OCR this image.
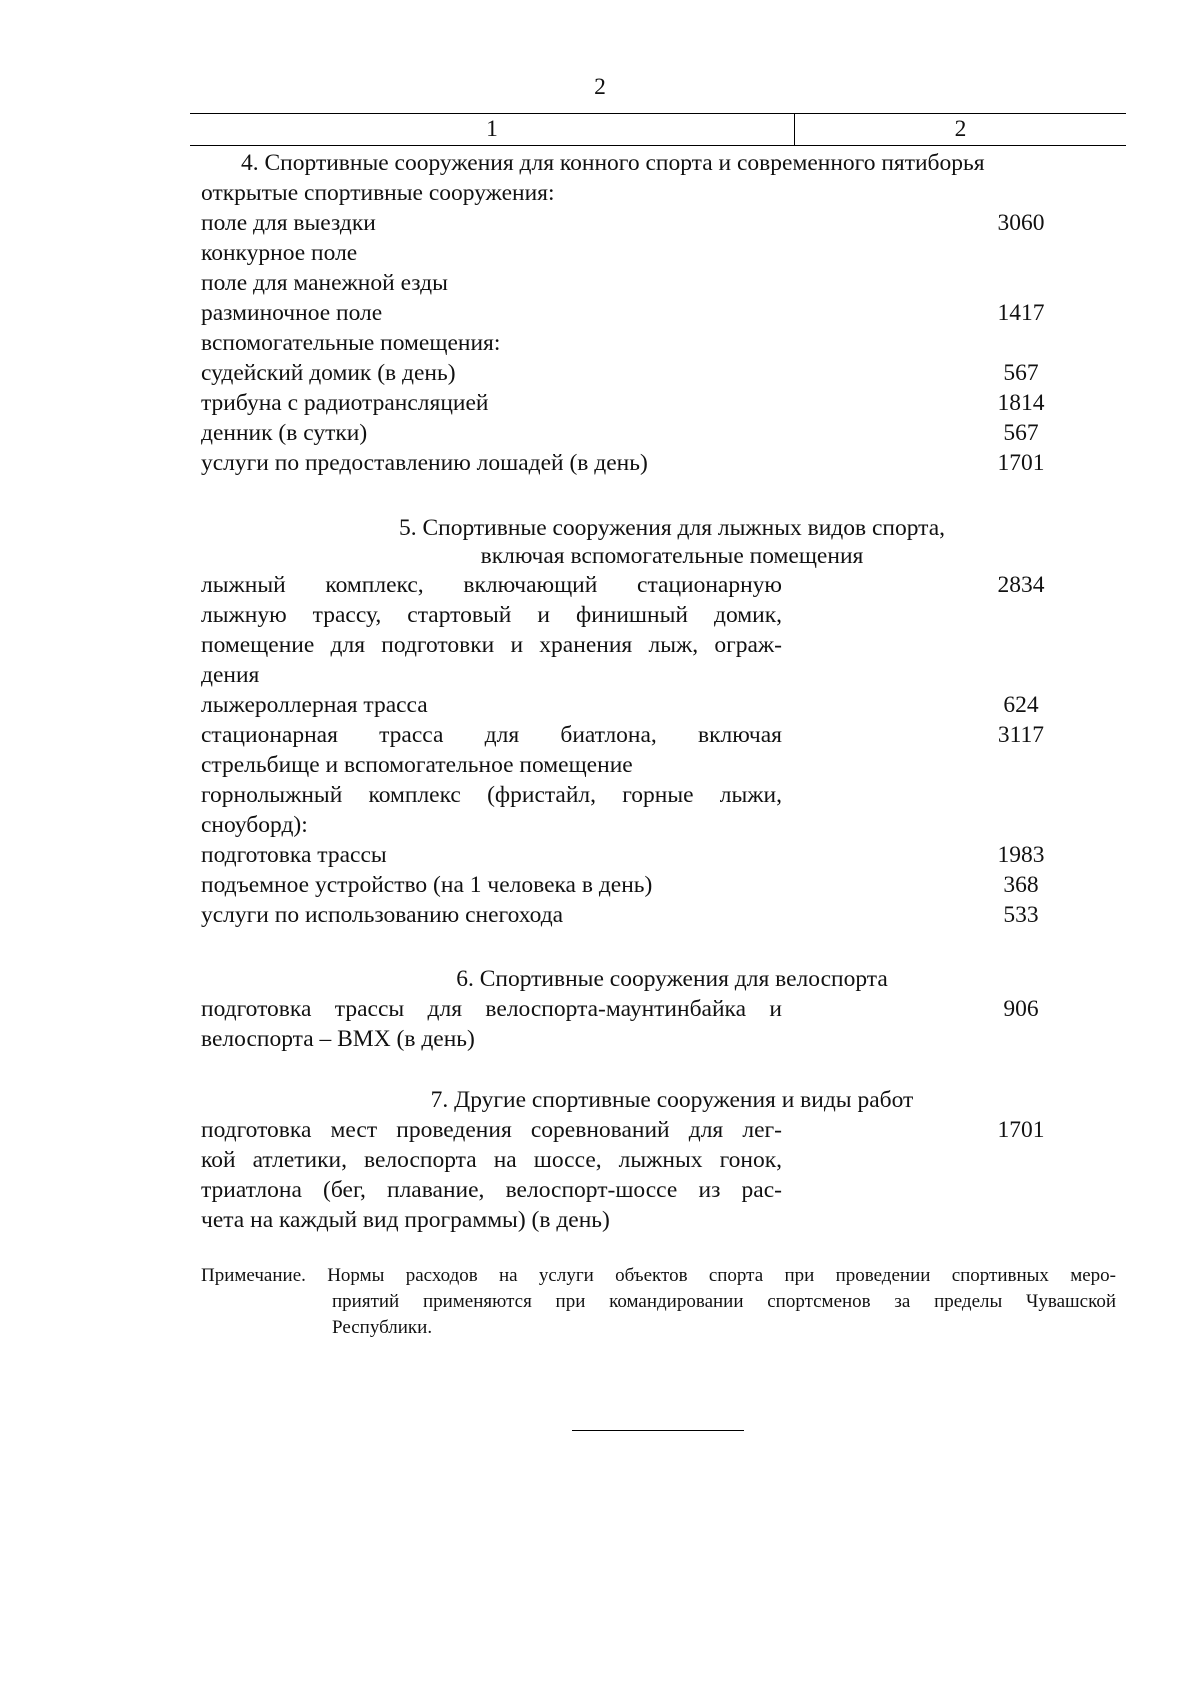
2
1	2
4. Спортивные сооружения для конного спорта и современного пятиборья
открытые спортивные сооружения:
поле для выездки	3060
конкурное поле
поле для манежной езды
разминочное поле	1417
вспомогательные помещения:
судейский домик (в день)	567
трибуна с радиотрансляцией	1814
денник (в сутки)	567
услуги по предоставлению лошадей (в день)	1701
5. Спортивные сооружения для лыжных видов спорта,
включая вспомогательные помещения
лыжный комплекс, включающий стационарную	2834
лыжную трассу, стартовый и финишный домик,
помещение для подготовки и хранения лыж, ограж-
дения
лыжероллерная трасса	624
стационарная трасса для биатлона, включая	3117
стрельбище и вспомогательное помещение
горнолыжный комплекс (фристайл, горные лыжи,
сноуборд):
подготовка трассы	1983
подъемное устройство (на 1 человека в день)	368
услуги по использованию снегохода	533
6. Спортивные сооружения для велоспорта
подготовка трассы для велоспорта-маунтинбайка и	906
велоспорта – BMX (в день)
7. Другие спортивные сооружения и виды работ
подготовка мест проведения соревнований для лег-	1701
кой атлетики, велоспорта на шоссе, лыжных гонок,
триатлона (бег, плавание, велоспорт-шоссе из рас-
чета на каждый вид программы) (в день)
Примечание. Нормы расходов на услуги объектов спорта при проведении спортивных меро-
приятий применяются при командировании спортсменов за пределы Чувашской
Республики.
